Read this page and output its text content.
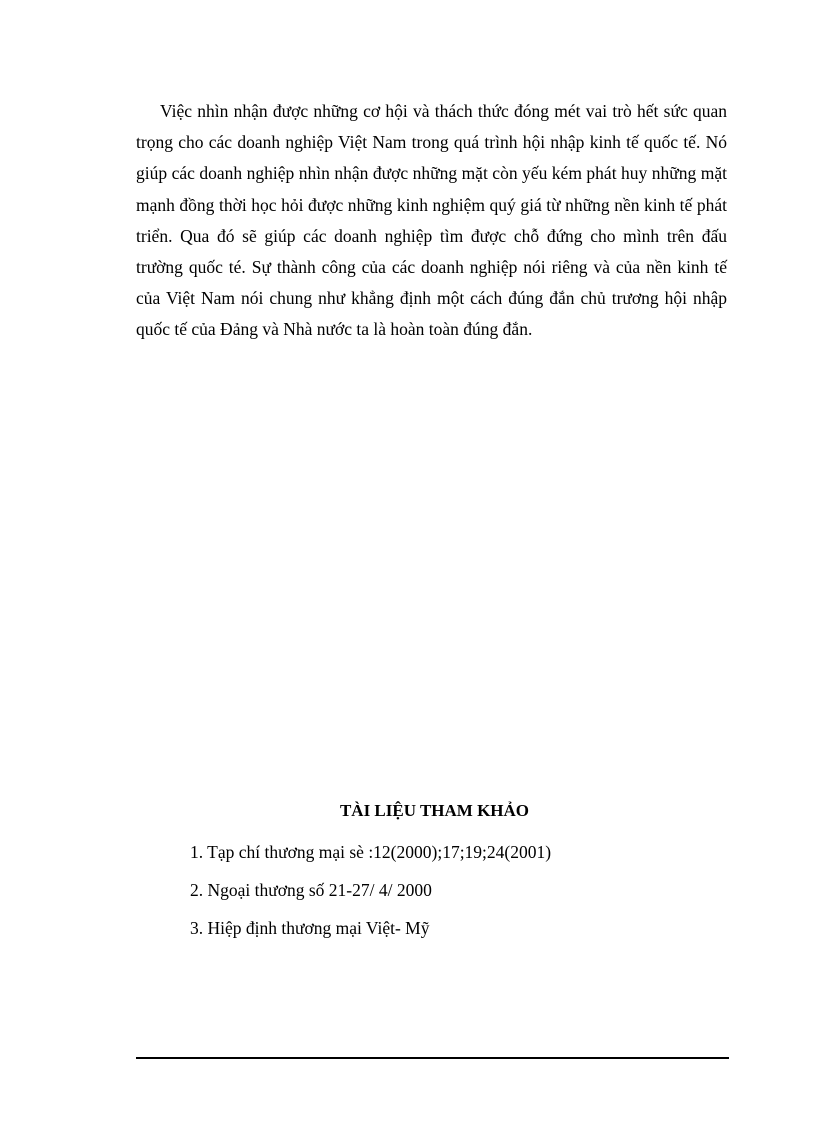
Việc nhìn nhận được những cơ hội và thách thức đóng mét vai trò hết sức quan trọng cho các doanh nghiệp Việt Nam trong quá trình hội nhập kinh tế quốc tế. Nó giúp các doanh nghiệp nhìn nhận được những mặt còn yếu kém phát huy những mặt mạnh đồng thời học hỏi được những kinh nghiệm quý giá từ những nền kinh tế phát triển. Qua đó sẽ giúp các doanh nghiệp tìm được chỗ đứng cho mình trên đấu trường quốc té. Sự thành công của các doanh nghiệp nói riêng và của nền kinh tế của Việt Nam nói chung như khẳng định một cách đúng đắn chủ trương hội nhập quốc tế của Đảng và Nhà nước ta là hoàn toàn đúng đắn.

TÀI LIỆU THAM KHẢO
1. Tạp chí thương mại sè :12(2000);17;19;24(2001)
2. Ngoại thương số 21-27/ 4/ 2000
3. Hiệp định thương mại Việt- Mỹ
